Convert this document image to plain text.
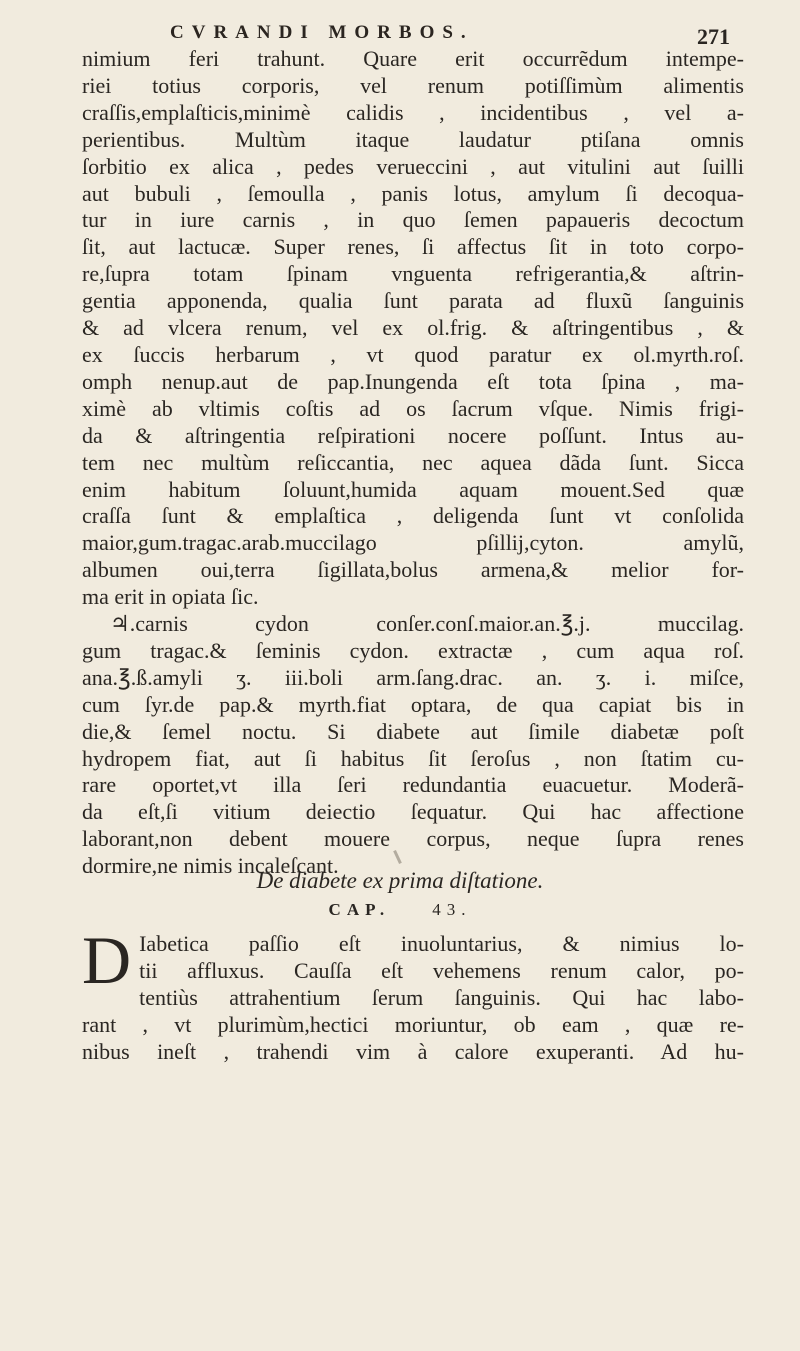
CVRANDI MORBOS.	271
nimium feri trahunt. Quare erit occurrẽdum intempe-
riei totius corporis, vel renum potiſſimùm alimentis
craſſis,emplaſticis,minimè calidis , incidentibus , vel a-
perientibus. Multùm itaque laudatur ptiſana omnis
ſorbitio ex alica , pedes verueccini , aut vitulini aut ſuilli
aut bubuli , ſemoulla , panis lotus, amylum ſi decoqua-
tur in iure carnis , in quo ſemen papaueris decoctum
ſit, aut lactucæ. Super renes, ſi affectus ſit in toto corpo-
re,ſupra totam ſpinam vnguenta refrigerantia,& aſtrin-
gentia apponenda, qualia ſunt parata ad fluxũ ſanguinis
& ad vlcera renum, vel ex ol.frig. & aſtringentibus , &
ex ſuccis herbarum , vt quod paratur ex ol.myrth.roſ.
omph nenup.aut de pap.Inungenda eſt tota ſpina , ma-
ximè ab vltimis coſtis ad os ſacrum vſque. Nimis frigi-
da & aſtringentia reſpirationi nocere poſſunt. Intus au-
tem nec multùm reſiccantia, nec aquea dãda ſunt. Sicca
enim habitum ſoluunt,humida aquam mouent.Sed quæ
craſſa ſunt & emplaſtica , deligenda ſunt vt conſolida
maior,gum.tragac.arab.muccilago pſillij,cyton. amylũ,
albumen oui,terra ſigillata,bolus armena,& melior for-
ma erit in opiata ſic.
♃.carnis cydon conſer.conſ.maior.an.℥.j. muccilag.
gum tragac.& ſeminis cydon. extractæ , cum aqua roſ.
ana.℥.ß.amyli ʒ. iii.boli arm.ſang.drac. an. ʒ. i. miſce,
cum ſyr.de pap.& myrth.fiat optara, de qua capiat bis in
die,& ſemel noctu. Si diabete aut ſimile diabetæ poſt
hydropem fiat, aut ſi habitus ſit ſeroſus , non ſtatim cu-
rare oportet,vt illa ſeri redundantia euacuetur. Moderã-
da eſt,ſi vitium deiectio ſequatur. Qui hac affectione
laborant,non debent mouere corpus, neque ſupra renes
dormire,ne nimis incaleſcant.
De diabete ex prima diſtatione.
CAP. 43.
D Iabetica paſſio eſt inuoluntarius, & nimius lo-
tii affluxus. Cauſſa eſt vehemens renum calor, po-
tentiùs attrahentium ſerum ſanguinis. Qui hac labo-
rant , vt plurimùm,hectici moriuntur, ob eam , quæ re-
nibus ineſt , trahendi vim à calore exuperanti. Ad hu-
